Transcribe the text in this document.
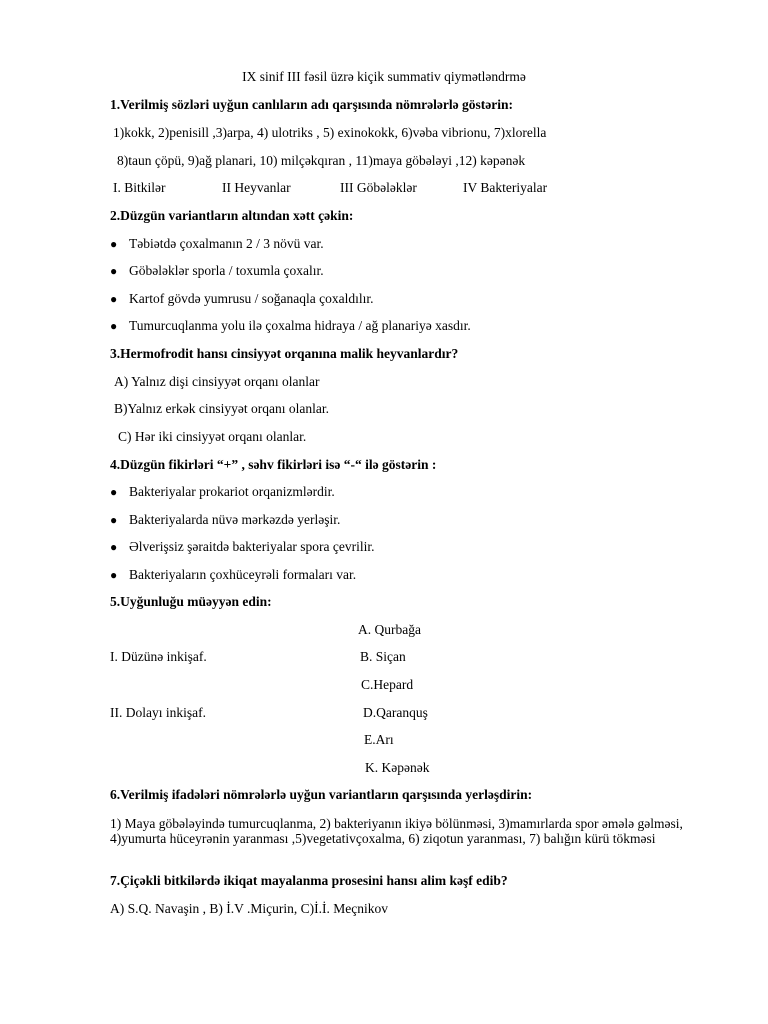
IX sinif III fəsil üzrə kiçik summativ qiymətləndrmə
1.Verilmiş sözləri uyğun canlıların adı qarşısında nömrələrlə göstərin:
1)kokk, 2)penisill ,3)arpa, 4) ulotriks , 5) exinokokk, 6)vəba vibrionu, 7)xlorella
8)taun çöpü, 9)ağ planari, 10) milçəkqıran , 11)maya göbələyi ,12) kəpənək
I. Bitkilər	II Heyvanlar	III Göbələklər	IV Bakteriyalar
2.Düzgün variantların altından xətt çəkin:
● Təbiətdə çoxalmanın 2 / 3 növü var.
● Göbələklər sporla / toxumla çoxalır.
● Kartof gövdə yumrusu / soğanaqla çoxaldılır.
● Tumurcuqlanma yolu ilə çoxalma hidraya / ağ planariyə xasdır.
3.Hermofrodit hansı cinsiyyət orqanına malik heyvanlardır?
A) Yalnız dişi cinsiyyət orqanı olanlar
B)Yalnız erkək cinsiyyət orqanı olanlar.
C) Hər iki cinsiyyət orqanı olanlar.
4.Düzgün fikirləri “+” , səhv fikirləri isə “-“ ilə göstərin :
● Bakteriyalar prokariot orqanizmlərdir.
● Bakteriyalarda nüvə mərkəzdə yerləşir.
● Əlverişsiz şəraitdə bakteriyalar spora çevrilir.
● Bakteriyaların çoxhüceyrəli formaları var.
5.Uyğunluğu müəyyən edin:
A. Qurbağa
I. Düzünə inkişaf.	B. Siçan
C.Hepard
II. Dolayı inkişaf.	D.Qaranquş
E.Arı
K. Kəpənək
6.Verilmiş ifadələri nömrələrlə uyğun variantların qarşısında yerləşdirin:
1) Maya göbələyində tumurcuqlanma, 2) bakteriyanın ikiyə bölünməsi, 3)mamırlarda spor əmələ gəlməsi, 4)yumurta hüceyrənin yaranması ,5)vegetativçoxalma, 6) ziqotun yaranması, 7) balığın kürü tökməsi
7.Çiçəkli bitkilərdə ikiqat mayalanma prosesini hansı alim kəşf edib?
A) S.Q. Navaşin , B) İ.V .Miçurin, C)İ.İ. Meçnikov
